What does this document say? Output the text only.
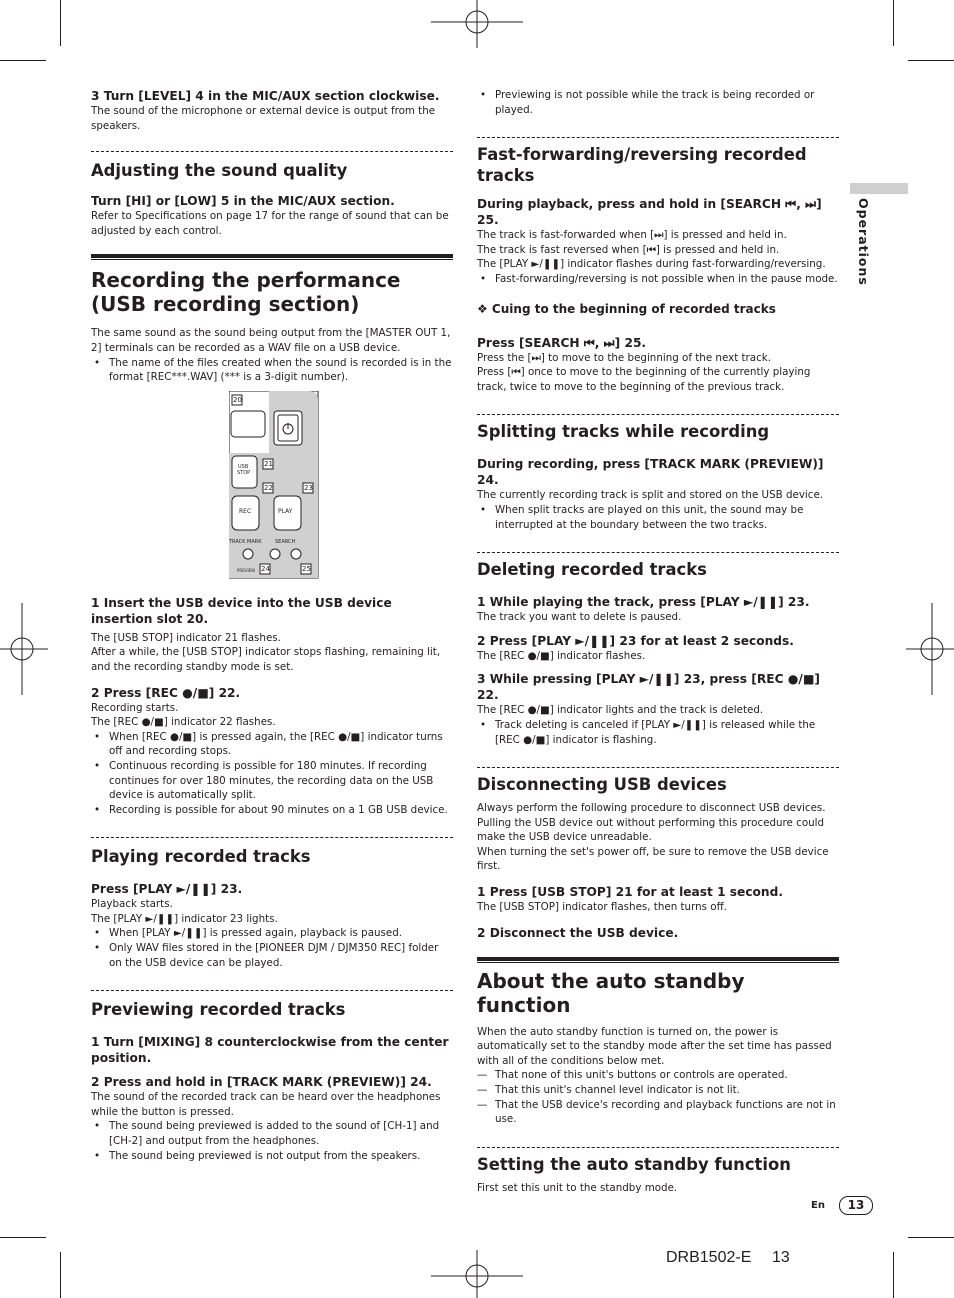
Operations
3 Turn [LEVEL] 4 in the MIC/AUX section clockwise.
The sound of the microphone or external device is output from the speakers.
Adjusting the sound quality
Turn [HI] or [LOW] 5 in the MIC/AUX section.
Refer to Specifications on page 17 for the range of sound that can be adjusted by each control.
Recording the performance (USB recording section)
The same sound as the sound being output from the [MASTER OUT 1, 2] terminals can be recorded as a WAV file on a USB device.
• The name of the files created when the sound is recorded is in the format [REC***.WAV] (*** is a 3-digit number).
20
21
22	23
24	25
USB
STOP
REC	PLAY
TRACK MARK	SEARCH
PREVIEW
1 Insert the USB device into the USB device insertion slot 20.
The [USB STOP] indicator 21 flashes.
After a while, the [USB STOP] indicator stops flashing, remaining lit, and the recording standby mode is set.
2 Press [REC ●/■] 22.
Recording starts.
The [REC ●/■] indicator 22 flashes.
• When [REC ●/■] is pressed again, the [REC ●/■] indicator turns off and recording stops.
• Continuous recording is possible for 180 minutes. If recording continues for over 180 minutes, the recording data on the USB device is automatically split.
• Recording is possible for about 90 minutes on a 1 GB USB device.
Playing recorded tracks
Press [PLAY ►/❚❚] 23.
Playback starts.
The [PLAY ►/❚❚] indicator 23 lights.
• When [PLAY ►/❚❚] is pressed again, playback is paused.
• Only WAV files stored in the [PIONEER DJM / DJM350 REC] folder on the USB device can be played.
Previewing recorded tracks
1 Turn [MIXING] 8 counterclockwise from the center position.
2 Press and hold in [TRACK MARK (PREVIEW)] 24.
The sound of the recorded track can be heard over the headphones while the button is pressed.
• The sound being previewed is added to the sound of [CH-1] and [CH-2] and output from the headphones.
• The sound being previewed is not output from the speakers.
• Previewing is not possible while the track is being recorded or played.
Fast-forwarding/reversing recorded tracks
During playback, press and hold in [SEARCH ⏮, ⏭] 25.
The track is fast-forwarded when [⏭] is pressed and held in.
The track is fast reversed when [⏮] is pressed and held in.
The [PLAY ►/❚❚] indicator flashes during fast-forwarding/reversing.
• Fast-forwarding/reversing is not possible when in the pause mode.
❖ Cuing to the beginning of recorded tracks
Press [SEARCH ⏮, ⏭] 25.
Press the [⏭] to move to the beginning of the next track.
Press [⏮] once to move to the beginning of the currently playing track, twice to move to the beginning of the previous track.
Splitting tracks while recording
During recording, press [TRACK MARK (PREVIEW)] 24.
The currently recording track is split and stored on the USB device.
• When split tracks are played on this unit, the sound may be interrupted at the boundary between the two tracks.
Deleting recorded tracks
1 While playing the track, press [PLAY ►/❚❚] 23.
The track you want to delete is paused.
2 Press [PLAY ►/❚❚] 23 for at least 2 seconds.
The [REC ●/■] indicator flashes.
3 While pressing [PLAY ►/❚❚] 23, press [REC ●/■] 22.
The [REC ●/■] indicator lights and the track is deleted.
• Track deleting is canceled if [PLAY ►/❚❚] is released while the [REC ●/■] indicator is flashing.
Disconnecting USB devices
Always perform the following procedure to disconnect USB devices. Pulling the USB device out without performing this procedure could make the USB device unreadable.
When turning the set's power off, be sure to remove the USB device first.
1 Press [USB STOP] 21 for at least 1 second.
The [USB STOP] indicator flashes, then turns off.
2 Disconnect the USB device.
About the auto standby function
When the auto standby function is turned on, the power is automatically set to the standby mode after the set time has passed with all of the conditions below met.
— That none of this unit's buttons or controls are operated.
— That this unit's channel level indicator is not lit.
— That the USB device's recording and playback functions are not in use.
Setting the auto standby function
First set this unit to the standby mode.
En	13
DRB1502-E 13
